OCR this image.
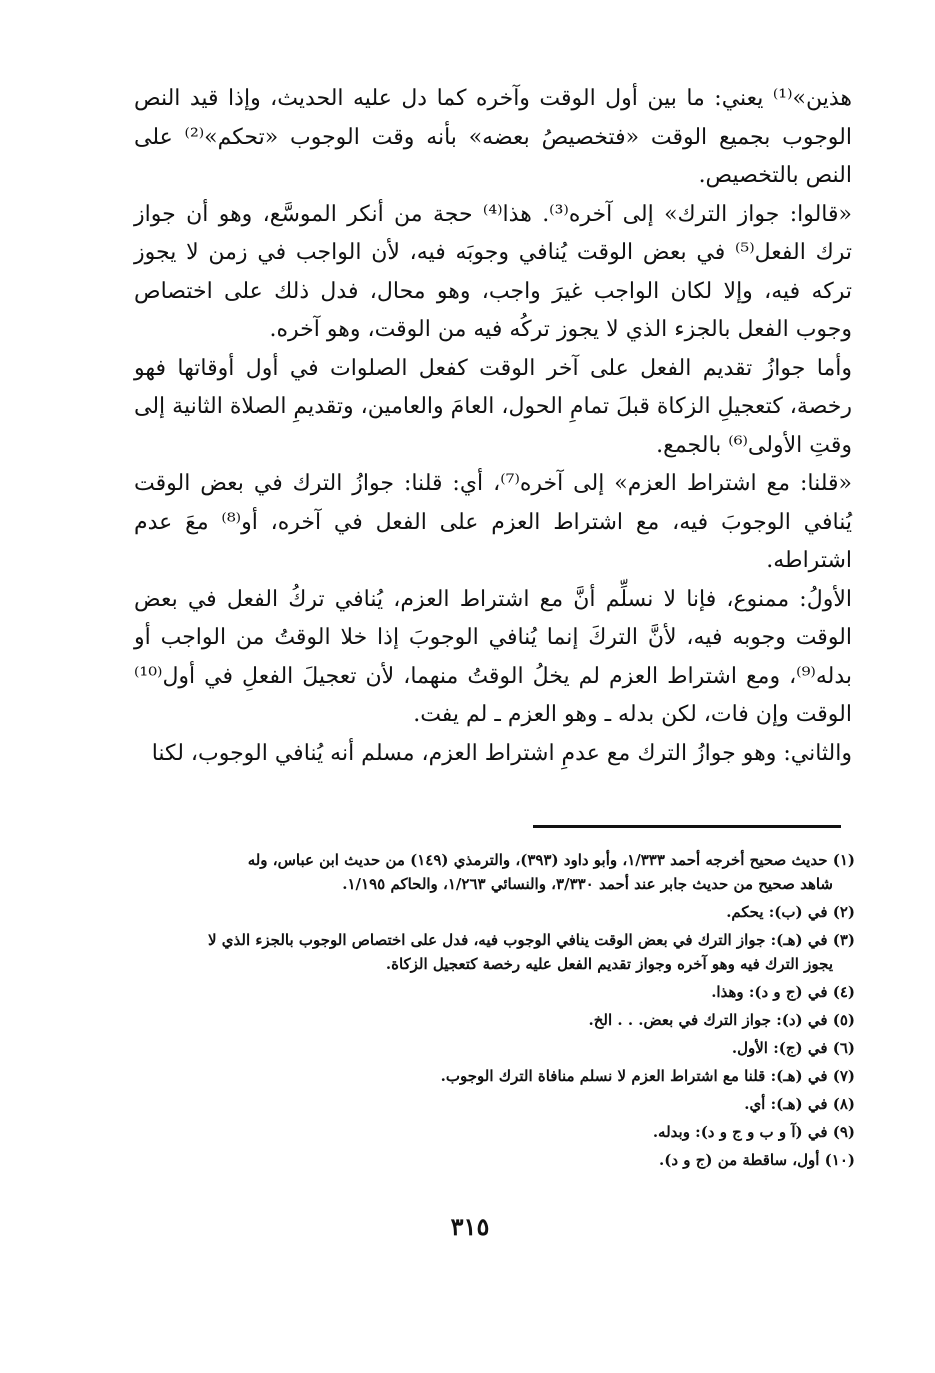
هذين»⁽¹⁾ يعني: ما بين أول الوقت وآخره كما دل عليه الحديث، وإذا قيد النص الوجوب بجميع الوقت «فتخصيصُ بعضه» بأنه وقت الوجوب «تحكم»⁽²⁾ على النص بالتخصيص.

«قالوا: جواز الترك» إلى آخره⁽³⁾. هذا⁽⁴⁾ حجة من أنكر الموسَّع، وهو أن جواز ترك الفعل⁽⁵⁾ في بعض الوقت يُنافي وجوبَه فيه، لأن الواجب في زمن لا يجوز تركه فيه، وإلا لكان الواجب غيرَ واجب، وهو محال، فدل ذلك على اختصاص وجوب الفعل بالجزء الذي لا يجوز تركُه فيه من الوقت، وهو آخره.

وأما جوازُ تقديم الفعل على آخر الوقت كفعل الصلوات في أول أوقاتها فهو رخصة، كتعجيلِ الزكاة قبلَ تمامِ الحول، العامَ والعامين، وتقديمِ الصلاة الثانية إلى وقتِ الأولى⁽⁶⁾ بالجمع.

«قلنا: مع اشتراط العزم» إلى آخره⁽⁷⁾، أي: قلنا: جوازُ الترك في بعض الوقت يُنافي الوجوبَ فيه، مع اشتراط العزم على الفعل في آخره، أو⁽⁸⁾ معَ عدم اشتراطه.

الأولُ: ممنوع، فإنا لا نسلِّم أنَّ مع اشتراط العزم، يُنافي تركُ الفعل في بعض الوقت وجوبه فيه، لأنَّ التركَ إنما يُنافي الوجوبَ إذا خلا الوقتُ من الواجب أو بدله⁽⁹⁾، ومع اشتراط العزم لم يخلُ الوقتُ منهما، لأن تعجيلَ الفعلِ في أول⁽¹⁰⁾ الوقت وإن فات، لكن بدله ـ وهو العزم ـ لم يفت.

والثاني: وهو جوازُ الترك مع عدمِ اشتراط العزم، مسلم أنه يُنافي الوجوب، لكنا

(١) حديث صحيح أخرجه أحمد ١/٣٣٣، وأبو داود (٣٩٣)، والترمذي (١٤٩) من حديث ابن عباس، وله

شاهد صحيح من حديث جابر عند أحمد ٣/٣٣٠، والنسائي ١/٢٦٣، والحاكم ١/١٩٥.

(٢) في (ب): يحكم.

(٣) في (هـ): جواز الترك في بعض الوقت ينافي الوجوب فيه، فدل على اختصاص الوجوب بالجزء الذي لا

يجوز الترك فيه وهو آخره وجواز تقديم الفعل عليه رخصة كتعجيل الزكاة.

(٤) في (ج و د): وهذا.

(٥) في (د): جواز الترك في بعض. . . الخ.

(٦) في (ج): الأول.

(٧) في (هـ): قلنا مع اشتراط العزم لا نسلم منافاة الترك الوجوب.

(٨) في (هـ): أي.

(٩) في (آ و ب و ج و د): وبدله.

(١٠) أول، ساقطة من (ج و د).

٣١٥
